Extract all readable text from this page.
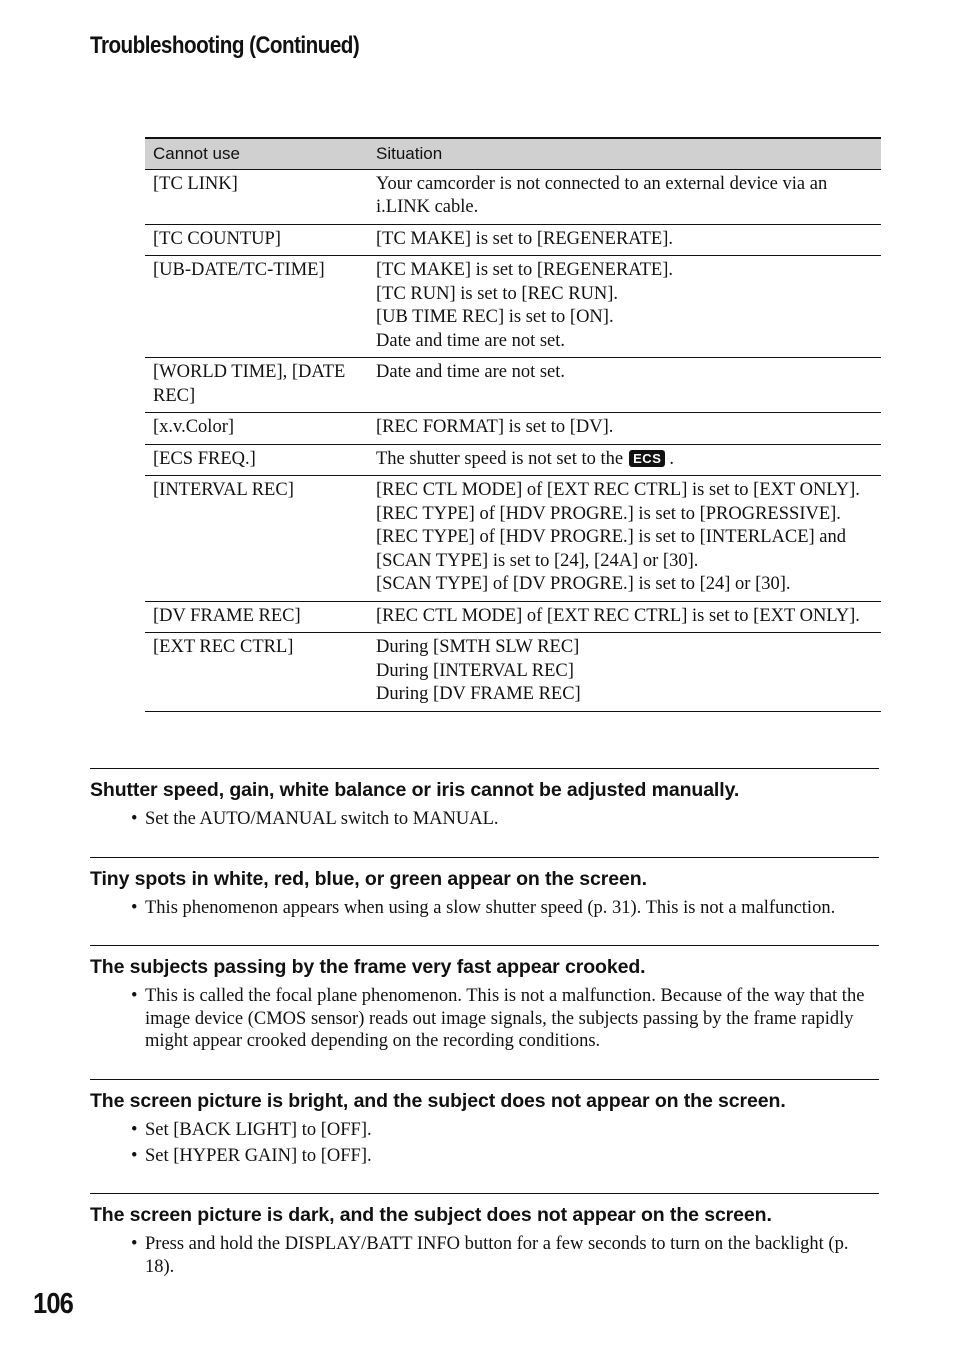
Troubleshooting (Continued)
Cannot use	Situation
[TC LINK]	Your camcorder is not connected to an external device via an i.LINK cable.

[TC COUNTUP]	[TC MAKE] is set to [REGENERATE].

[UB-DATE/TC-TIME]	[TC MAKE] is set to [REGENERATE].
[TC RUN] is set to [REC RUN].
[UB TIME REC] is set to [ON].
Date and time are not set.

[WORLD TIME], [DATE REC]	Date and time are not set.

[x.v.Color]	[REC FORMAT] is set to [DV].

[ECS FREQ.]	The shutter speed is not set to the ECS .
[INTERVAL REC]	[REC CTL MODE] of [EXT REC CTRL] is set to [EXT ONLY].
[REC TYPE] of [HDV PROGRE.] is set to [PROGRESSIVE].
[REC TYPE] of [HDV PROGRE.] is set to [INTERLACE] and [SCAN TYPE] is set to [24], [24A] or [30].
[SCAN TYPE] of [DV PROGRE.] is set to [24] or [30].

[DV FRAME REC]	[REC CTL MODE] of [EXT REC CTRL] is set to [EXT ONLY].

[EXT REC CTRL]	During [SMTH SLW REC]
During [INTERVAL REC]
During [DV FRAME REC]
Shutter speed, gain, white balance or iris cannot be adjusted manually.
• Set the AUTO/MANUAL switch to MANUAL.
Tiny spots in white, red, blue, or green appear on the screen.
• This phenomenon appears when using a slow shutter speed (p. 31). This is not a malfunction.
The subjects passing by the frame very fast appear crooked.
• This is called the focal plane phenomenon. This is not a malfunction. Because of the way that the image device (CMOS sensor) reads out image signals, the subjects passing by the frame rapidly might appear crooked depending on the recording conditions.
The screen picture is bright, and the subject does not appear on the screen.
• Set [BACK LIGHT] to [OFF].
• Set [HYPER GAIN] to [OFF].
The screen picture is dark, and the subject does not appear on the screen.
• Press and hold the DISPLAY/BATT INFO button for a few seconds to turn on the backlight (p. 18).
106
